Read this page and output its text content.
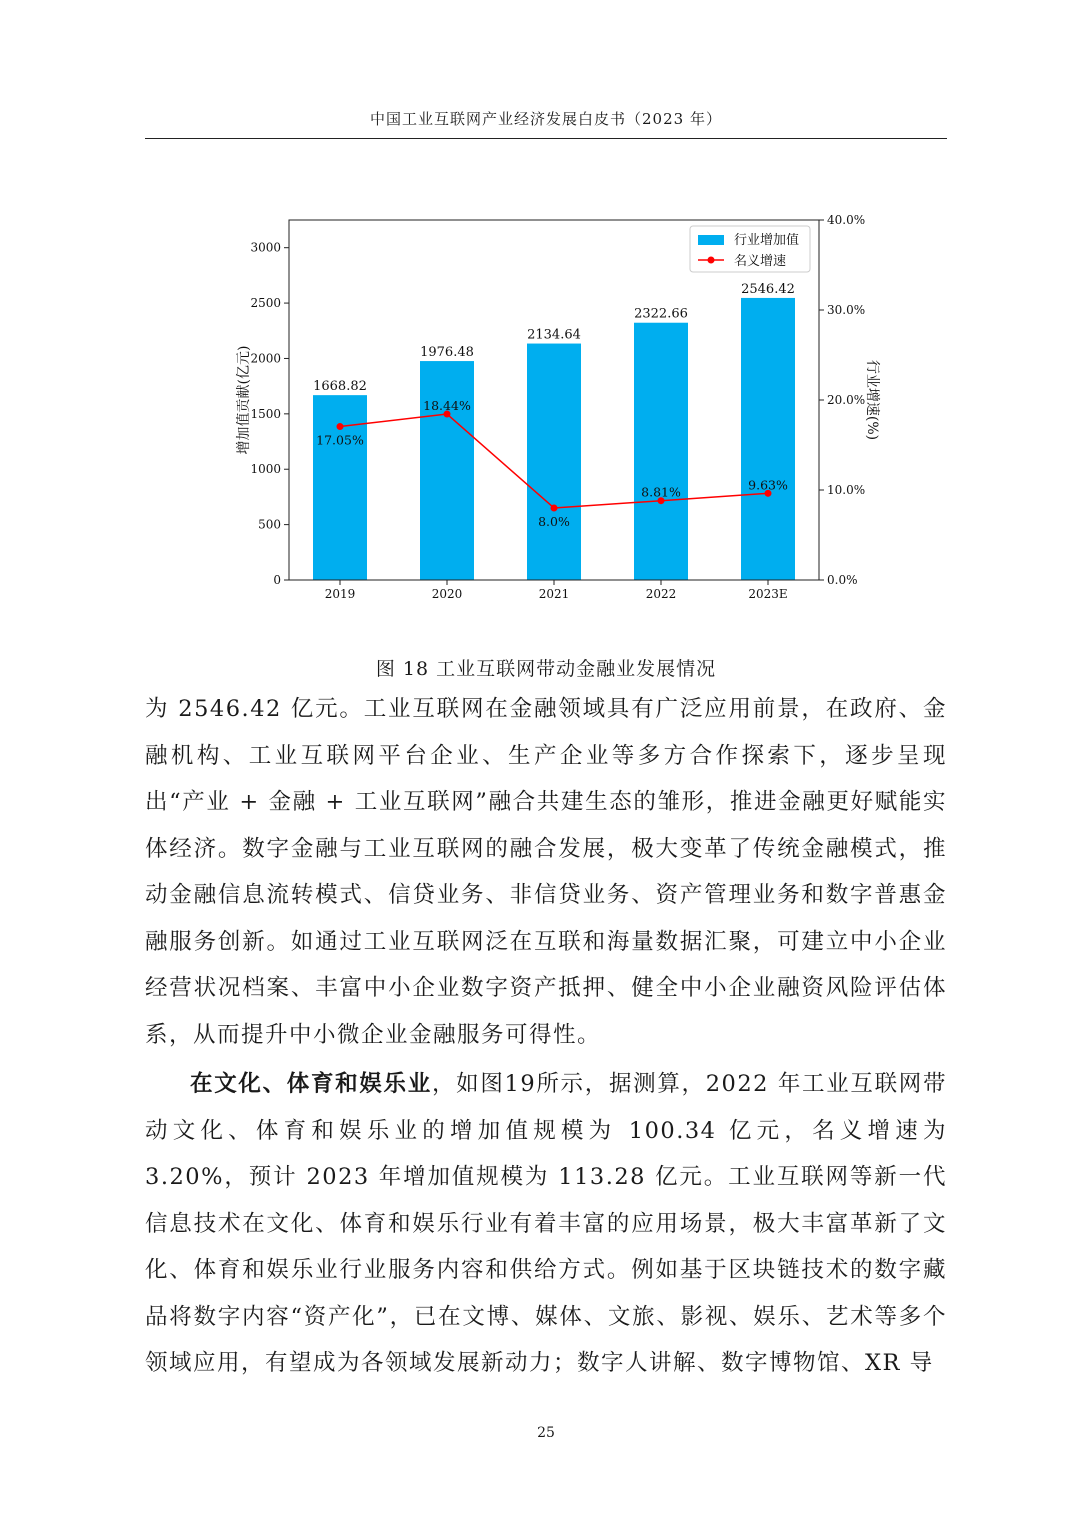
中国工业互联网产业经济发展白皮书（2023 年）
1668.82
1976.48
2134.64
2322.66
2546.42
0
500
1000
1500
2000
2500
3000
0.0%
10.0%
20.0%
30.0%
40.0%
2019	2020	2021	2022	2023E
增加值贡献(亿元)	行业增速(%)
17.05%
18.44%
8.0%
8.81%	9.63%
行业增加值
名义增速
图 18 工业互联网带动金融业发展情况
为 2546.42 亿元。工业互联网在金融领域具有广泛应用前景，在政府、金融机构、工业互联网平台企业、生产企业等多方合作探索下，逐步呈现出“产业 + 金融 + 工业互联网”融合共建生态的雏形，推进金融更好赋能实体经济。数字金融与工业互联网的融合发展，极大变革了传统金融模式，推动金融信息流转模式、信贷业务、非信贷业务、资产管理业务和数字普惠金融服务创新。如通过工业互联网泛在互联和海量数据汇聚，可建立中小企业经营状况档案、丰富中小企业数字资产抵押、健全中小企业融资风险评估体系，从而提升中小微企业金融服务可得性。
在文化、体育和娱乐业，如图19所示，据测算，2022 年工业互联网带动文化、体育和娱乐业的增加值规模为 100.34 亿元，名义增速为 3.20%，预计 2023 年增加值规模为 113.28 亿元。工业互联网等新一代信息技术在文化、体育和娱乐行业有着丰富的应用场景，极大丰富革新了文化、体育和娱乐业行业服务内容和供给方式。例如基于区块链技术的数字藏品将数字内容“资产化”，已在文博、媒体、文旅、影视、娱乐、艺术等多个领域应用，有望成为各领域发展新动力；数字人讲解、数字博物馆、XR 导
25
